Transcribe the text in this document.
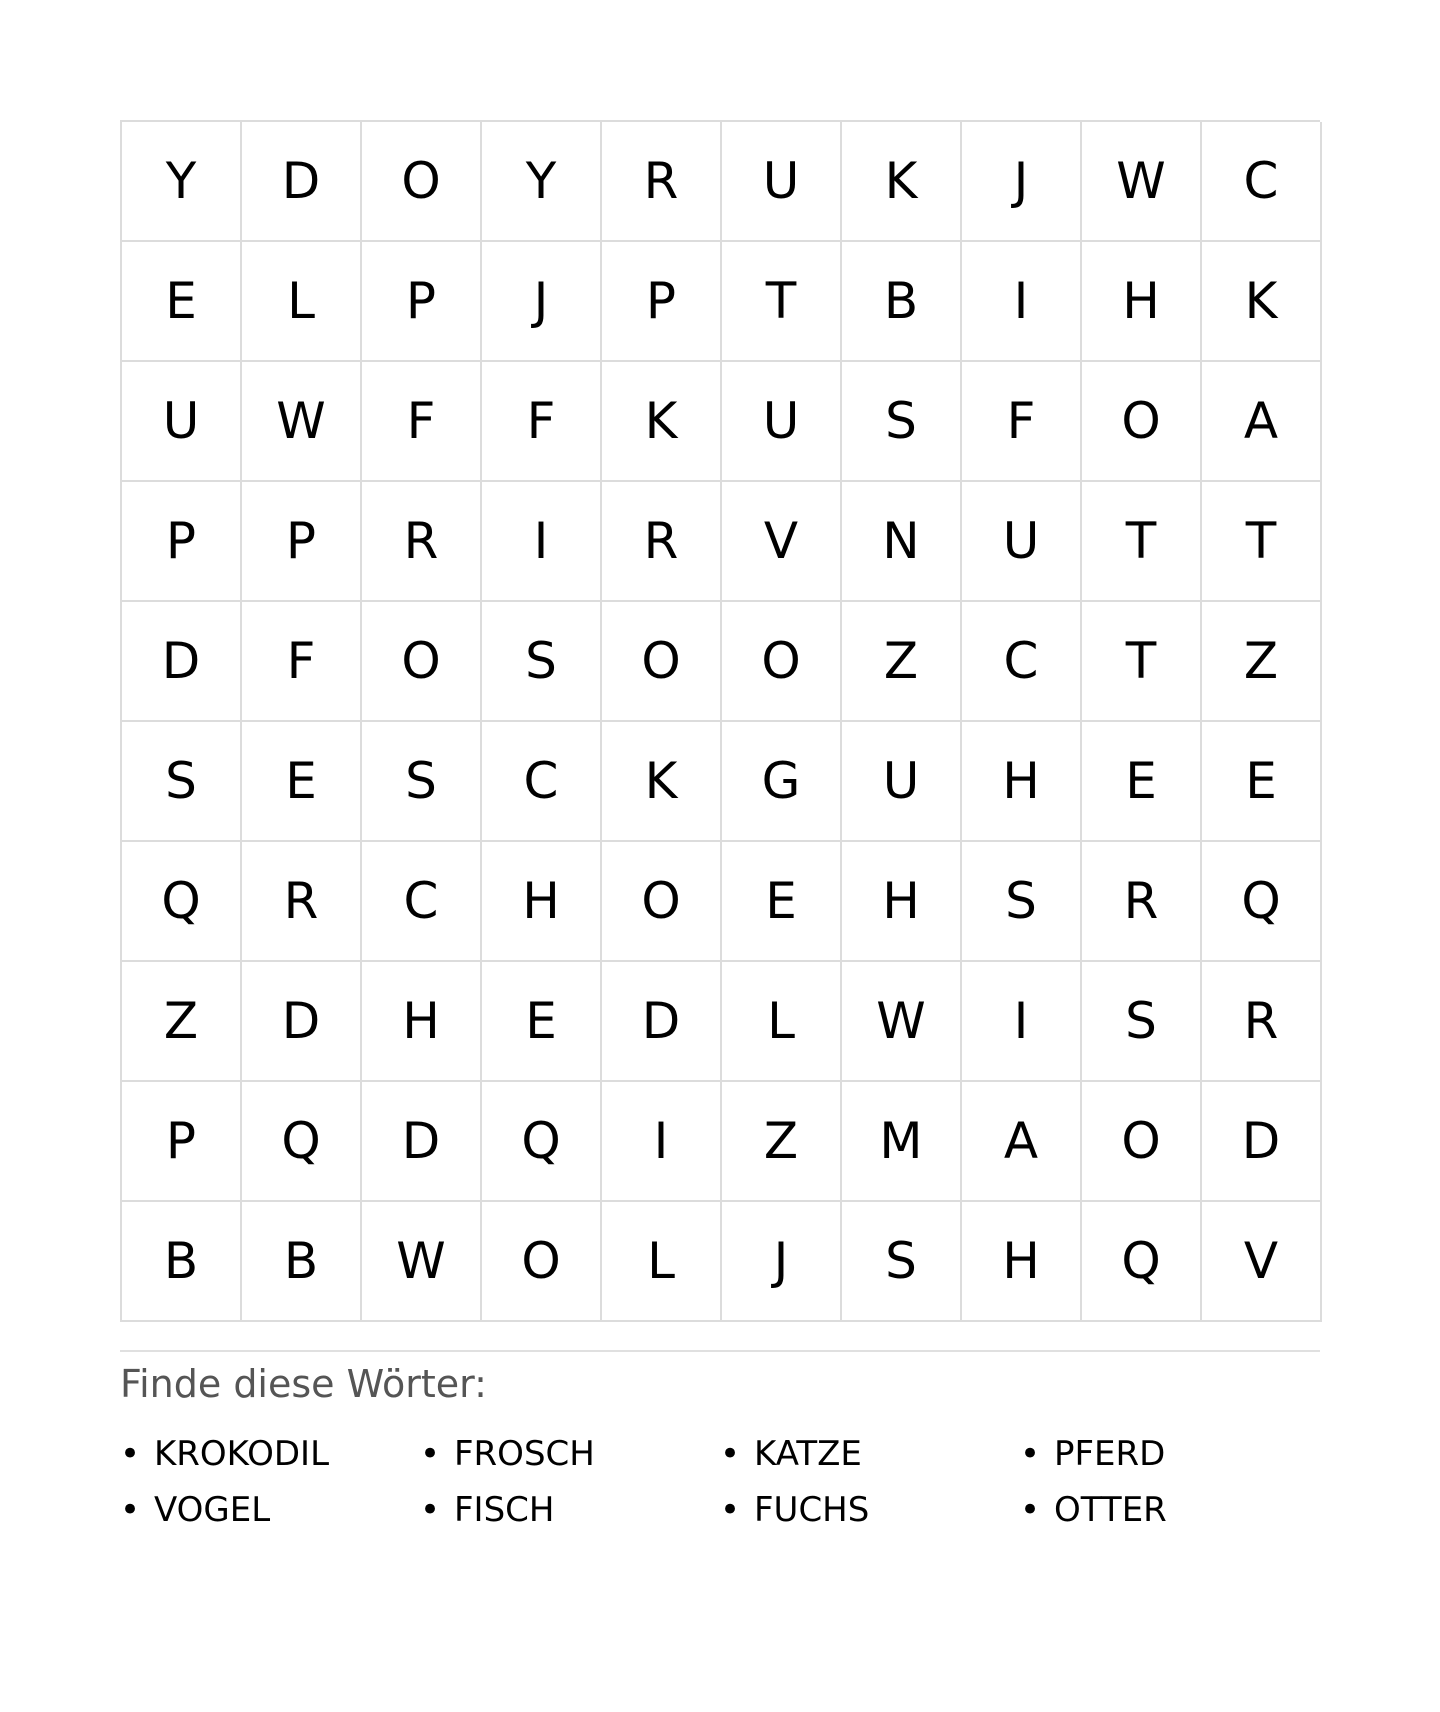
Y	D	O	Y	R	U	K	J	W	C
E	L	P	J	P	T	B	I	H	K
U	W	F	F	K	U	S	F	O	A
P	P	R	I	R	V	N	U	T	T
D	F	O	S	O	O	Z	C	T	Z
S	E	S	C	K	G	U	H	E	E
Q	R	C	H	O	E	H	S	R	Q
Z	D	H	E	D	L	W	I	S	R
P	Q	D	Q	I	Z	M	A	O	D
B	B	W	O	L	J	S	H	Q	V
Finde diese Wörter:
• KROKODIL	• FROSCH	• KATZE	• PFERD
• VOGEL	• FISCH	• FUCHS	• OTTER
